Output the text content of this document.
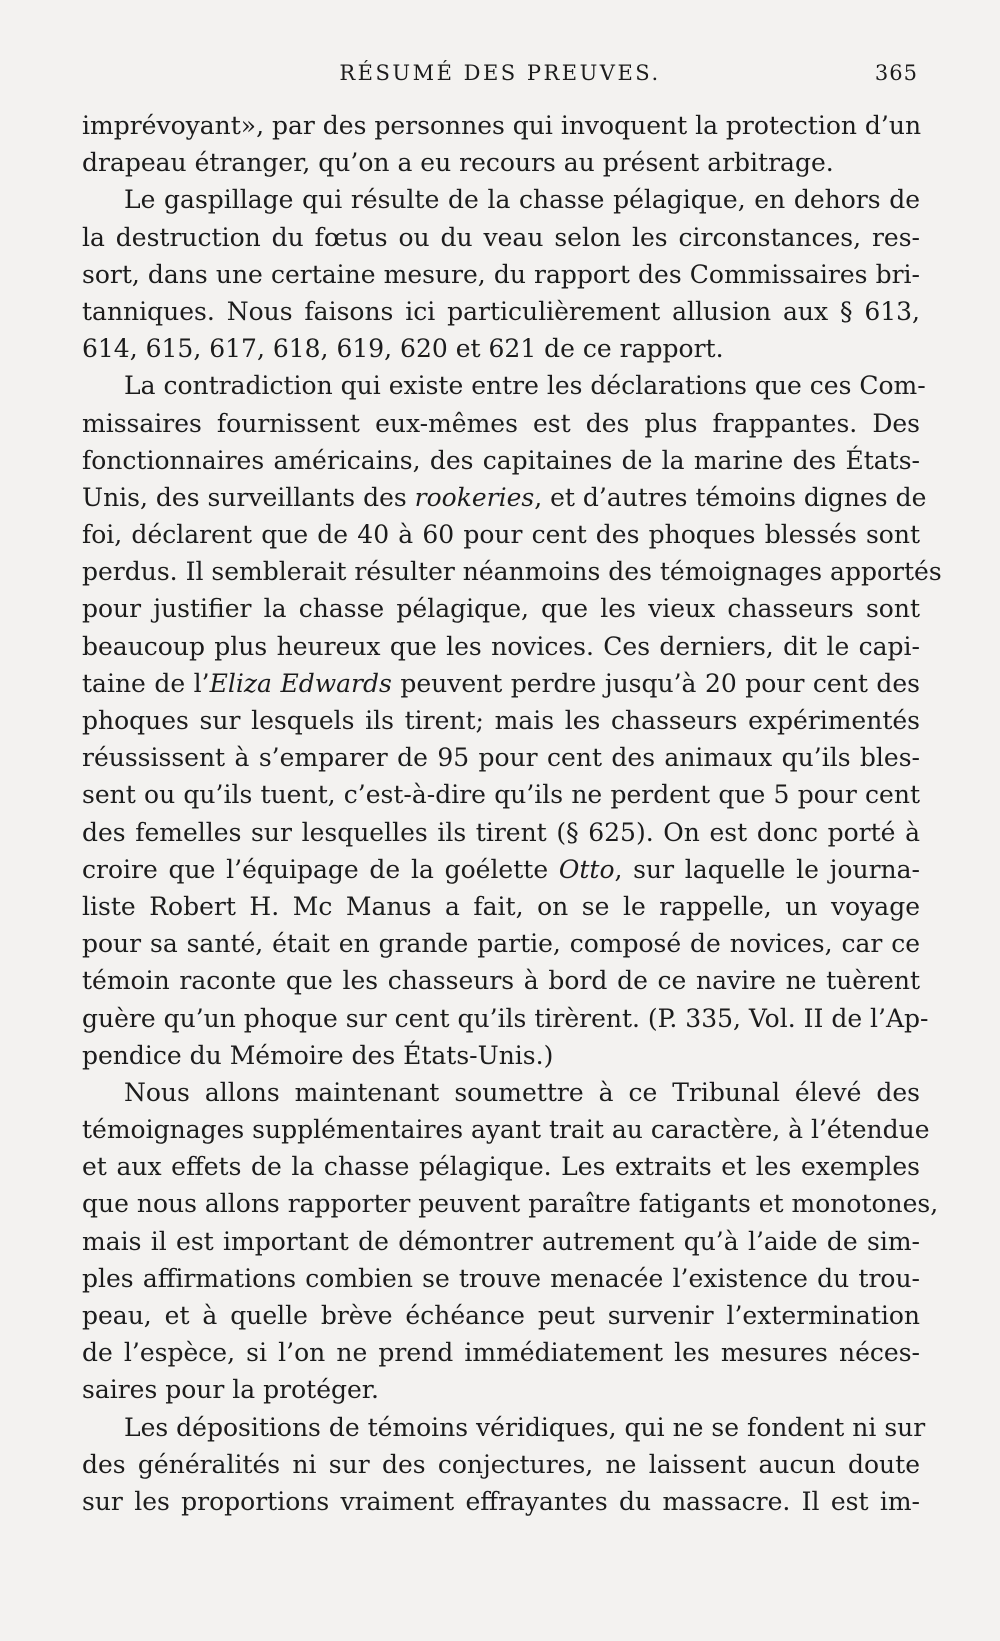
RÉSUMÉ DES PREUVES.	365
imprévoyant», par des personnes qui invoquent la protection d’un
drapeau étranger, qu’on a eu recours au présent arbitrage.
Le gaspillage qui résulte de la chasse pélagique, en dehors de
la destruction du fœtus ou du veau selon les circonstances, res-
sort, dans une certaine mesure, du rapport des Commissaires bri-
tanniques. Nous faisons ici particulièrement allusion aux § 613,
614, 615, 617, 618, 619, 620 et 621 de ce rapport.
La contradiction qui existe entre les déclarations que ces Com-
missaires fournissent eux-mêmes est des plus frappantes. Des
fonctionnaires américains, des capitaines de la marine des États-
Unis, des surveillants des rookeries, et d’autres témoins dignes de
foi, déclarent que de 40 à 60 pour cent des phoques blessés sont
perdus. Il semblerait résulter néanmoins des témoignages apportés
pour justifier la chasse pélagique, que les vieux chasseurs sont
beaucoup plus heureux que les novices. Ces derniers, dit le capi-
taine de l’Eliza Edwards peuvent perdre jusqu’à 20 pour cent des
phoques sur lesquels ils tirent; mais les chasseurs expérimentés
réussissent à s’emparer de 95 pour cent des animaux qu’ils bles-
sent ou qu’ils tuent, c’est-à-dire qu’ils ne perdent que 5 pour cent
des femelles sur lesquelles ils tirent (§ 625). On est donc porté à
croire que l’équipage de la goélette Otto, sur laquelle le journa-
liste Robert H. Mc Manus a fait, on se le rappelle, un voyage
pour sa santé, était en grande partie, composé de novices, car ce
témoin raconte que les chasseurs à bord de ce navire ne tuèrent
guère qu’un phoque sur cent qu’ils tirèrent. (P. 335, Vol. II de l’Ap-
pendice du Mémoire des États-Unis.)
Nous allons maintenant soumettre à ce Tribunal élevé des
témoignages supplémentaires ayant trait au caractère, à l’étendue
et aux effets de la chasse pélagique. Les extraits et les exemples
que nous allons rapporter peuvent paraître fatigants et monotones,
mais il est important de démontrer autrement qu’à l’aide de sim-
ples affirmations combien se trouve menacée l’existence du trou-
peau, et à quelle brève échéance peut survenir l’extermination
de l’espèce, si l’on ne prend immédiatement les mesures néces-
saires pour la protéger.
Les dépositions de témoins véridiques, qui ne se fondent ni sur
des généralités ni sur des conjectures, ne laissent aucun doute
sur les proportions vraiment effrayantes du massacre. Il est im-
